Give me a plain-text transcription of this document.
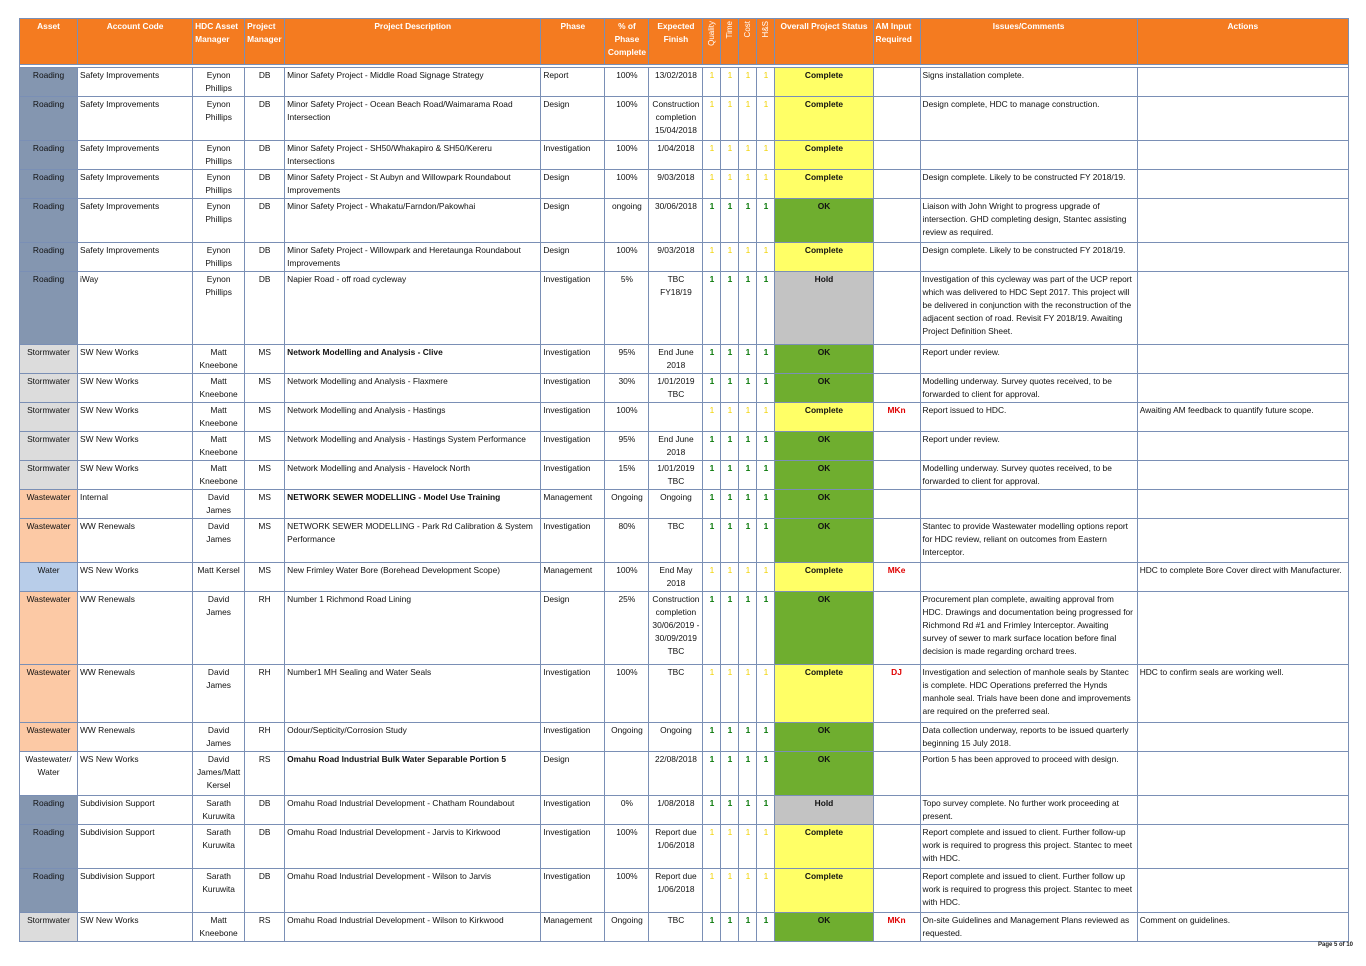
Asset	Account Code	HDC Asset Manager	Project Manager	Project Description	Phase	% of Phase Complete	Expected Finish	Quality	Time	Cost	H&S	Overall Project Status	AM Input Required	Issues/Comments	Actions

Roading	Safety Improvements	Eynon Phillips	DB	Minor Safety Project - Middle Road Signage Strategy	Report	100%	13/02/2018	1	1	1	1	Complete		Signs installation complete.	
Roading	Safety Improvements	Eynon Phillips	DB	Minor Safety Project - Ocean Beach Road/Waimarama Road Intersection	Design	100%	Construction completion 15/04/2018	1	1	1	1	Complete		Design complete, HDC to manage construction.	
Roading	Safety Improvements	Eynon Phillips	DB	Minor Safety Project - SH50/Whakapiro & SH50/Kereru Intersections	Investigation	100%	1/04/2018	1	1	1	1	Complete			
Roading	Safety Improvements	Eynon Phillips	DB	Minor Safety Project - St Aubyn and Willowpark Roundabout Improvements	Design	100%	9/03/2018	1	1	1	1	Complete		Design complete. Likely to be constructed FY 2018/19.	
Roading	Safety Improvements	Eynon Phillips	DB	Minor Safety Project - Whakatu/Farndon/Pakowhai	Design	ongoing	30/06/2018	1	1	1	1	OK		Liaison with John Wright to progress upgrade of intersection. GHD completing design, Stantec assisting review as required.	
Roading	Safety Improvements	Eynon Phillips	DB	Minor Safety Project - Willowpark and Heretaunga Roundabout Improvements	Design	100%	9/03/2018	1	1	1	1	Complete		Design complete. Likely to be constructed FY 2018/19.	
Roading	iWay	Eynon Phillips	DB	Napier Road - off road cycleway	Investigation	5%	TBC FY18/19	1	1	1	1	Hold		Investigation of this cycleway was part of the UCP report which was delivered to HDC Sept 2017. This project will be delivered in conjunction with the reconstruction of the adjacent section of road. Revisit FY 2018/19. Awaiting Project Definition Sheet.	
Stormwater	SW New Works	Matt Kneebone	MS	Network Modelling and Analysis - Clive	Investigation	95%	End June 2018	1	1	1	1	OK		Report under review.	
Stormwater	SW New Works	Matt Kneebone	MS	Network Modelling and Analysis - Flaxmere	Investigation	30%	1/01/2019 TBC	1	1	1	1	OK		Modelling underway. Survey quotes received, to be forwarded to client for approval.	
Stormwater	SW New Works	Matt Kneebone	MS	Network Modelling and Analysis - Hastings	Investigation	100%		1	1	1	1	Complete	MKn	Report issued to HDC.	Awaiting AM feedback to quantify future scope.
Stormwater	SW New Works	Matt Kneebone	MS	Network Modelling and Analysis - Hastings System Performance	Investigation	95%	End June 2018	1	1	1	1	OK		Report under review.	
Stormwater	SW New Works	Matt Kneebone	MS	Network Modelling and Analysis - Havelock North	Investigation	15%	1/01/2019 TBC	1	1	1	1	OK		Modelling underway. Survey quotes received, to be forwarded to client for approval.	
Wastewater	Internal	David James	MS	NETWORK SEWER MODELLING - Model Use Training	Management	Ongoing	Ongoing	1	1	1	1	OK			
Wastewater	WW Renewals	David James	MS	NETWORK SEWER MODELLING - Park Rd Calibration & System Performance	Investigation	80%	TBC	1	1	1	1	OK		Stantec to provide Wastewater modelling options report for HDC review, reliant on outcomes from Eastern Interceptor.	
Water	WS New Works	Matt Kersel	MS	New Frimley Water Bore (Borehead Development Scope)	Management	100%	End May 2018	1	1	1	1	Complete	MKe		HDC to complete Bore Cover direct with Manufacturer.
Wastewater	WW Renewals	David James	RH	Number 1 Richmond Road Lining	Design	25%	Construction completion 30/06/2019 - 30/09/2019 TBC	1	1	1	1	OK		Procurement plan complete, awaiting approval from HDC. Drawings and documentation being progressed for Richmond Rd #1 and Frimley Interceptor. Awaiting survey of sewer to mark surface location before final decision is made regarding orchard trees.	
Wastewater	WW Renewals	David James	RH	Number1 MH Sealing and Water Seals	Investigation	100%	TBC	1	1	1	1	Complete	DJ	Investigation and selection of manhole seals by Stantec is complete. HDC Operations preferred the Hynds manhole seal. Trials have been done and improvements are required on the preferred seal.	HDC to confirm seals are working well.
Wastewater	WW Renewals	David James	RH	Odour/Septicity/Corrosion Study	Investigation	Ongoing	Ongoing	1	1	1	1	OK		Data collection underway, reports to be issued quarterly beginning 15 July 2018.	
Wastewater/ Water	WS New Works	David James/Matt Kersel	RS	Omahu Road Industrial Bulk Water Separable Portion 5	Design		22/08/2018	1	1	1	1	OK		Portion 5 has been approved to proceed with design.	
Roading	Subdivision Support	Sarath Kuruwita	DB	Omahu Road Industrial Development - Chatham Roundabout	Investigation	0%	1/08/2018	1	1	1	1	Hold		Topo survey complete. No further work proceeding at present.	
Roading	Subdivision Support	Sarath Kuruwita	DB	Omahu Road Industrial Development - Jarvis to Kirkwood	Investigation	100%	Report due 1/06/2018	1	1	1	1	Complete		Report complete and issued to client. Further follow-up work is required to progress this project. Stantec to meet with HDC.	
Roading	Subdivision Support	Sarath Kuruwita	DB	Omahu Road Industrial Development - Wilson to Jarvis	Investigation	100%	Report due 1/06/2018	1	1	1	1	Complete		Report complete and issued to client. Further follow up work is required to progress this project. Stantec to meet with HDC.	
Stormwater	SW New Works	Matt Kneebone	RS	Omahu Road Industrial Development - Wilson to Kirkwood	Management	Ongoing	TBC	1	1	1	1	OK	MKn	On-site Guidelines and Management Plans reviewed as requested.	Comment on guidelines.
Page 5 of 10
